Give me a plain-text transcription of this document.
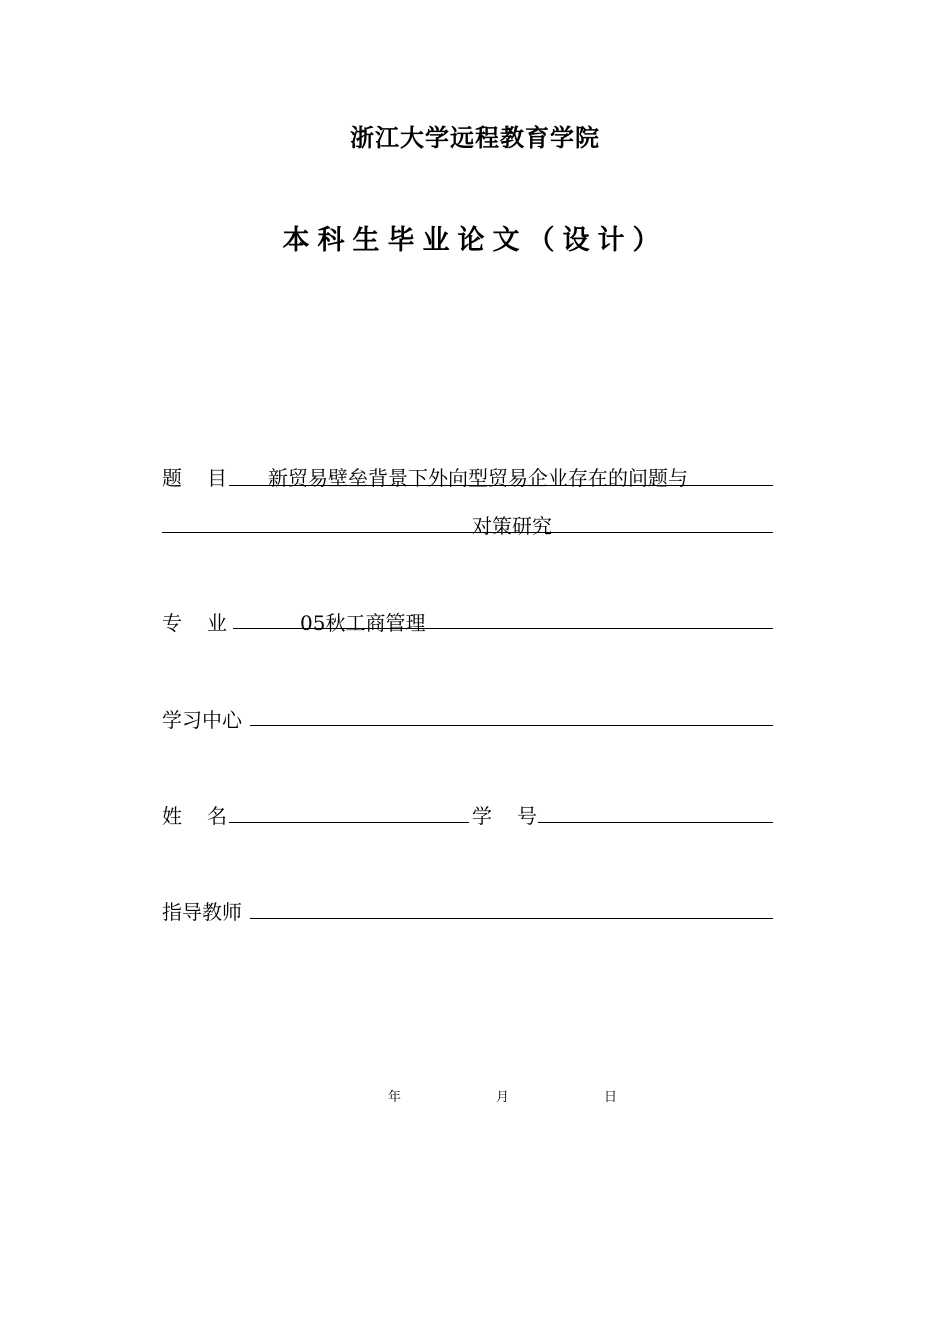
浙江大学远程教育学院
本科生毕业论文（设计）
题 目 新贸易壁垒背景下外向型贸易企业存在的问题与
对策研究
专 业	05秋工商管理
学习中心
姓 名	学 号
指导教师
年	月	日
